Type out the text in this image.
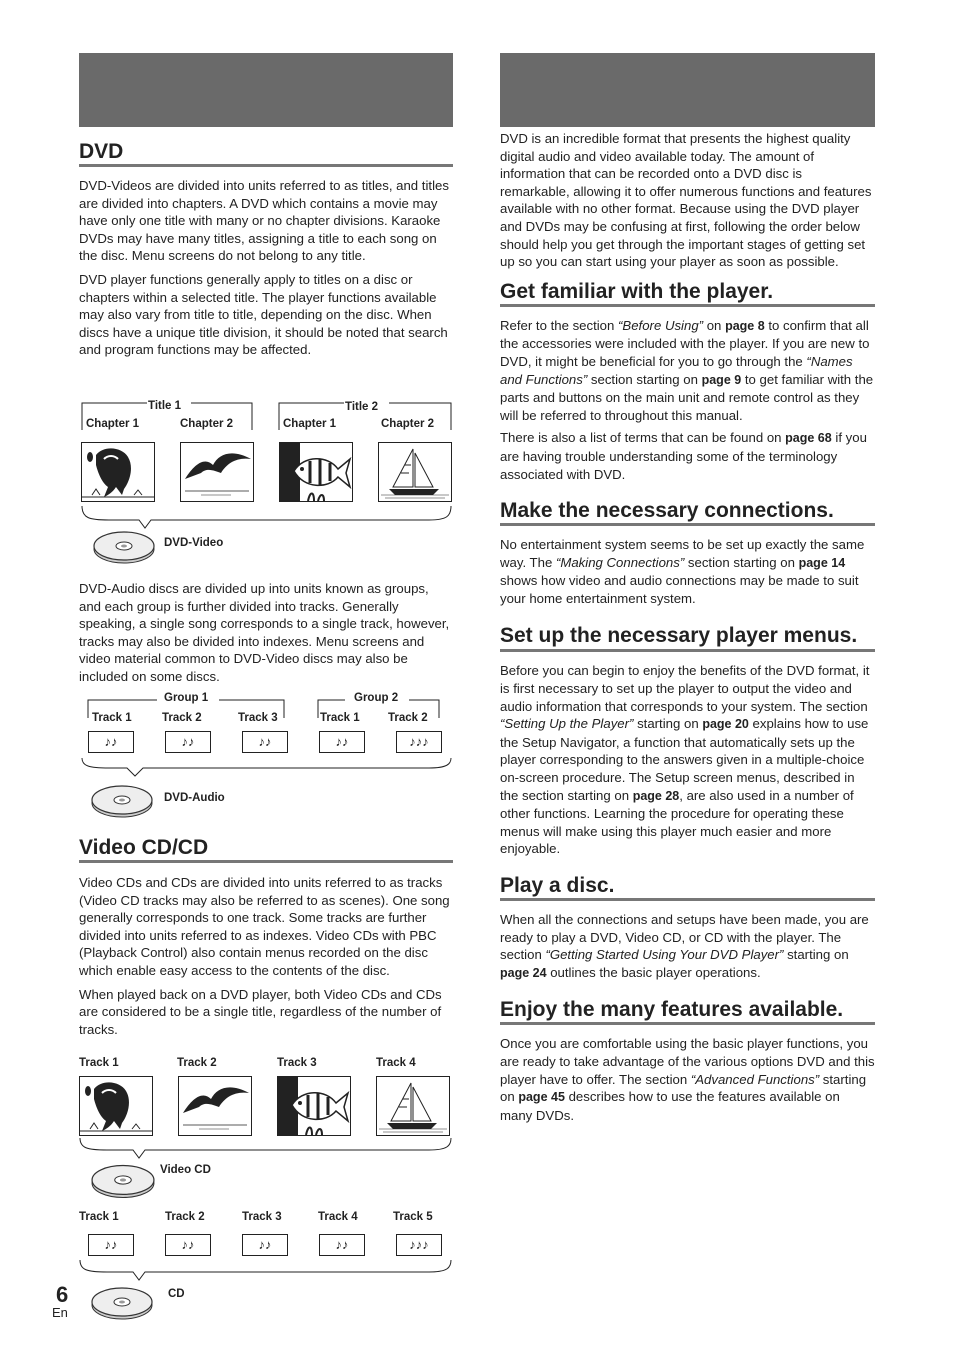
DVD

DVD-Videos are divided into units referred to as titles, and titles are divided into chapters. A DVD which contains a movie may have only one title with many or no chapter divisions. Karaoke DVDs may have many titles, assigning a title to each song on the disc. Menu screens do not belong to any title.

DVD player functions generally apply to titles on a disc or chapters within a selected title. The player functions available may also vary from title to title, depending on the disc. When discs have a unique title division, it should be noted that search and program functions may be affected.

Title 1	Title 2
Chapter 1	Chapter 2	Chapter 1	Chapter 2
DVD-Video

DVD-Audio discs are divided up into units known as groups, and each group is further divided into tracks. Generally speaking, a single song corresponds to a single track, however, tracks may also be divided into indexes. Menu screens and video material common to DVD-Video discs may also be included on some discs.

Group 1	Group 2
Track 1	Track 2	Track 3	Track 1 Track 2
♪♪	♪♪	♪♪	♪♪	♪♪♪
DVD-Audio
Video CD/CD

Video CDs and CDs are divided into units referred to as tracks (Video CD tracks may also be referred to as scenes). One song generally corresponds to one track. Some tracks are further divided into units referred to as indexes. Video CDs with PBC (Playback Control) also contain menus recorded on the disc which enable easy access to the contents of the disc.

When played back on a DVD player, both Video CDs and CDs are considered to be a single title, regardless of the number of tracks.

Track 1	Track 2	Track 3	Track 4
Video CD
Track 1	Track 2	Track 3	Track 4	Track 5
♪♪	♪♪	♪♪	♪♪	♪♪♪
CD

DVD is an incredible format that presents the highest quality digital audio and video available today. The amount of information that can be recorded onto a DVD disc is remarkable, allowing it to offer numerous functions and features available with no other format. Because using the DVD player and DVDs may be confusing at first, following the order below should help you get through the important stages of getting set up so you can start using your player as soon as possible.

Get familiar with the player.

Refer to the section “Before Using” on page 8 to confirm that all the accessories were included with the player. If you are new to DVD, it might be beneficial for you to go through the “Names and Functions” section starting on page 9 to get familiar with the parts and buttons on the main unit and remote control as they will be referred to throughout this manual.

There is also a list of terms that can be found on page 68 if you are having trouble understanding some of the terminology associated with DVD.

Make the necessary connections.

No entertainment system seems to be set up exactly the same way. The “Making Connections” section starting on page 14 shows how video and audio connections may be made to suit your home entertainment system.

Set up the necessary player menus.

Before you can begin to enjoy the benefits of the DVD format, it is first necessary to set up the player to output the video and audio information that corresponds to your system. The section “Setting Up the Player” starting on page 20 explains how to use the Setup Navigator, a function that automatically sets up the player corresponding to the answers given in a multiple-choice on-screen procedure. The Setup screen menus, described in the section starting on page 28, are also used in a number of other functions. Learning the procedure for operating these menus will make using this player much easier and more enjoyable.

Play a disc.

When all the connections and setups have been made, you are ready to play a DVD, Video CD, or CD with the player. The section “Getting Started Using Your DVD Player” starting on page 24 outlines the basic player operations.

Enjoy the many features available.

Once you are comfortable using the basic player functions, you are ready to take advantage of the various options DVD and this player have to offer. The section “Advanced Functions” starting on page 45 describes how to use the features available on many DVDs.

6
En
